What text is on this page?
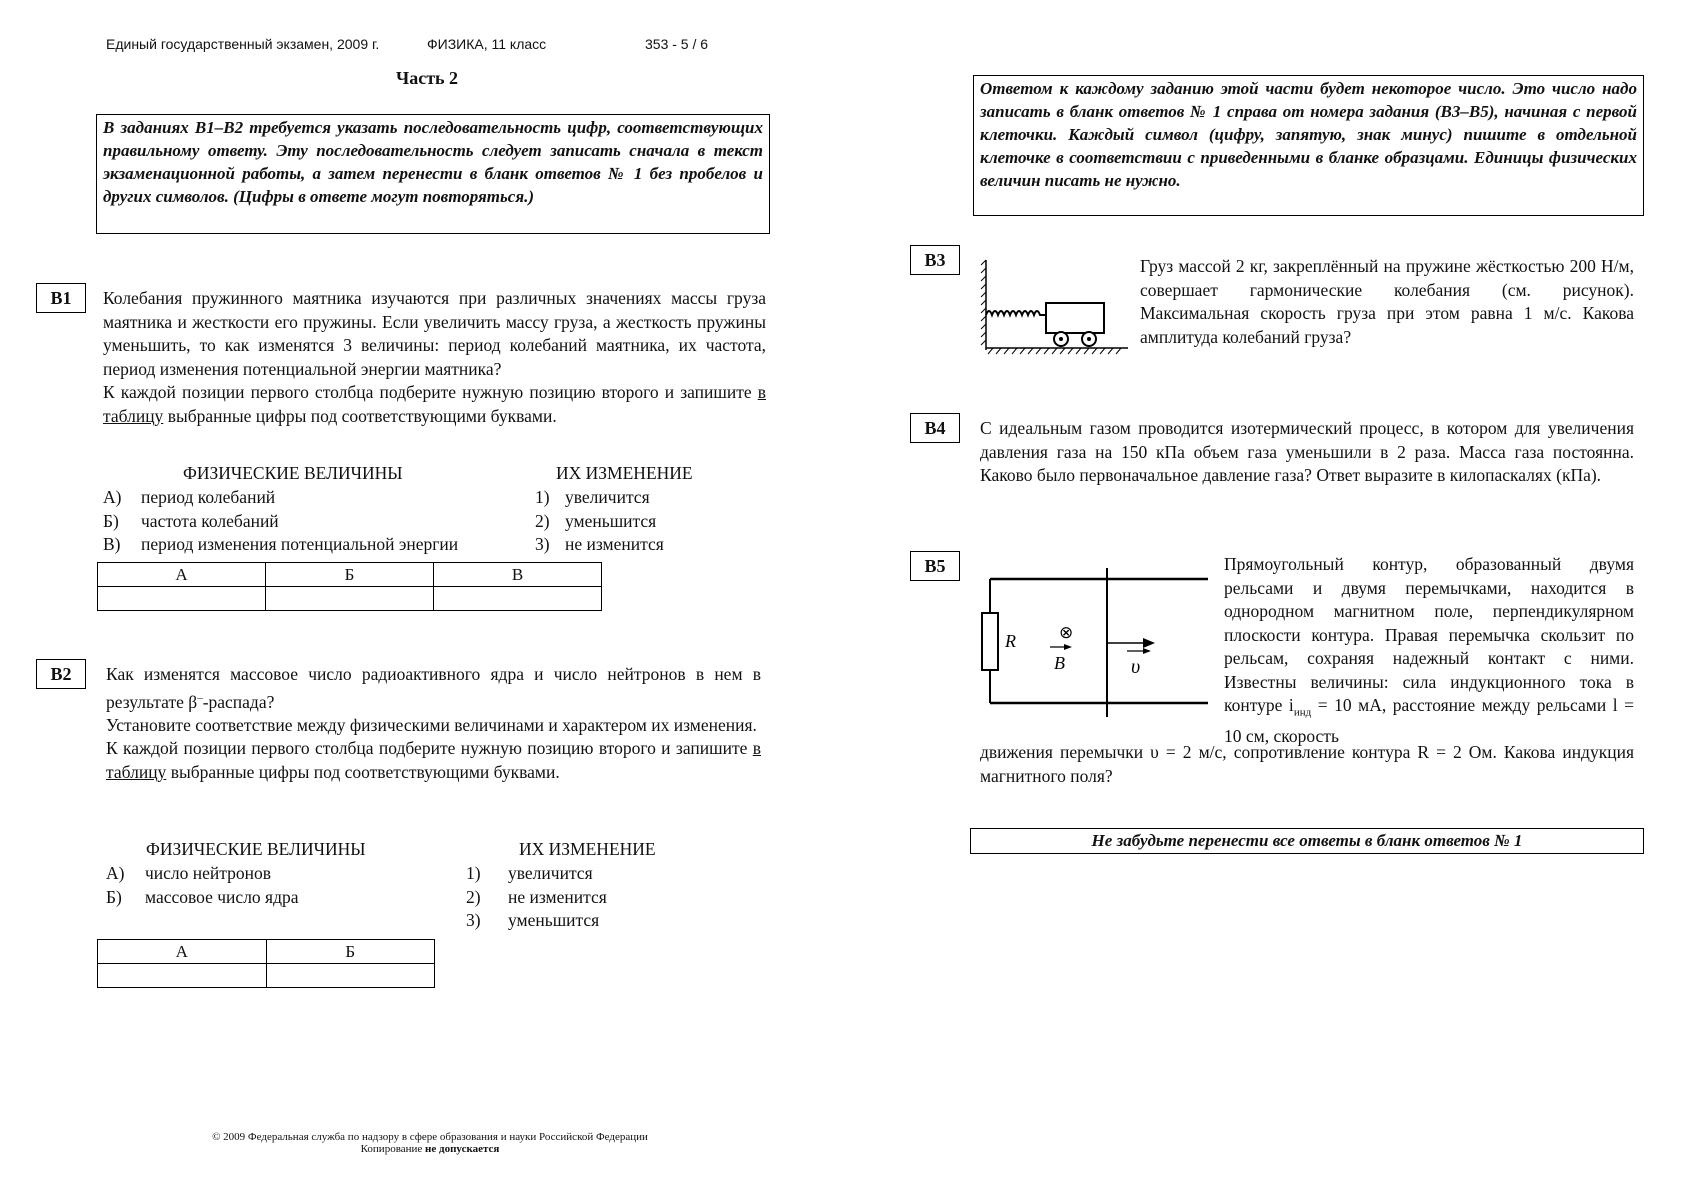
Единый государственный экзамен, 2009 г.	ФИЗИКА, 11 класс	353 - 5 / 6
Часть 2
В заданиях В1–В2 требуется указать последовательность цифр, соответствующих правильному ответу. Эту последовательность следует записать сначала в текст экзаменационной работы, а затем перенести в бланк ответов № 1 без пробелов и других символов. (Цифры в ответе могут повторяться.)
В1	Колебания пружинного маятника изучаются при различных значениях массы груза маятника и жесткости его пружины. Если увеличить массу груза, а жесткость пружины уменьшить, то как изменятся 3 величины: период колебаний маятника, их частота, период изменения потенциальной энергии маятника?

К каждой позиции первого столбца подберите нужную позицию второго и запишите в таблицу выбранные цифры под соответствующими буквами.

ФИЗИЧЕСКИЕ ВЕЛИЧИНЫ	ИХ ИЗМЕНЕНИЕ
А) период колебаний
Б) частота колебаний
В) период изменения потенциальной энергии
1) увеличится
2) уменьшится
3) не изменится
А	Б	В

В2	Как изменятся массовое число радиоактивного ядра и число нейтронов в нем в результате β–-распада?

Установите соответствие между физическими величинами и характером их изменения.

К каждой позиции первого столбца подберите нужную позицию второго и запишите в таблицу выбранные цифры под соответствующими буквами.

ФИЗИЧЕСКИЕ ВЕЛИЧИНЫ	ИХ ИЗМЕНЕНИЕ
А) число нейтронов
Б) массовое число ядра
1) увеличится
2) не изменится
3) уменьшится
А	Б

© 2009 Федеральная служба по надзору в сфере образования и науки Российской Федерации
Копирование не допускается
Ответом к каждому заданию этой части будет некоторое число. Это число надо записать в бланк ответов № 1 справа от номера задания (В3–В5), начиная с первой клеточки. Каждый символ (цифру, запятую, знак минус) пишите в отдельной клеточке в соответствии с приведенными в бланке образцами. Единицы физических величин писать не нужно.
В3	Груз массой 2 кг, закреплённый на пружине жёсткостью 200 Н/м, совершает гармонические колебания (см. рисунок). Максимальная скорость груза при этом равна 1 м/с. Какова амплитуда колебаний груза?
В4	С идеальным газом проводится изотермический процесс, в котором для увеличения давления газа на 150 кПа объем газа уменьшили в 2 раза. Масса газа постоянна. Каково было первоначальное давление газа? Ответ выразите в килопаскалях (кПа).
В5
R
B	υ
⊗

Прямоугольный контур, образованный двумя рельсами и двумя перемычками, находится в однородном магнитном поле, перпендикулярном плоскости контура. Правая перемычка скользит по рельсам, сохраняя надежный контакт с ними. Известны величины: сила индукционного тока в контуре $i_{инд} = 10$ мА, расстояние между рельсами l = 10 см, скорость

движения перемычки υ = 2 м/с, сопротивление контура R = 2 Ом. Какова индукция магнитного поля?
Не забудьте перенести все ответы в бланк ответов № 1
